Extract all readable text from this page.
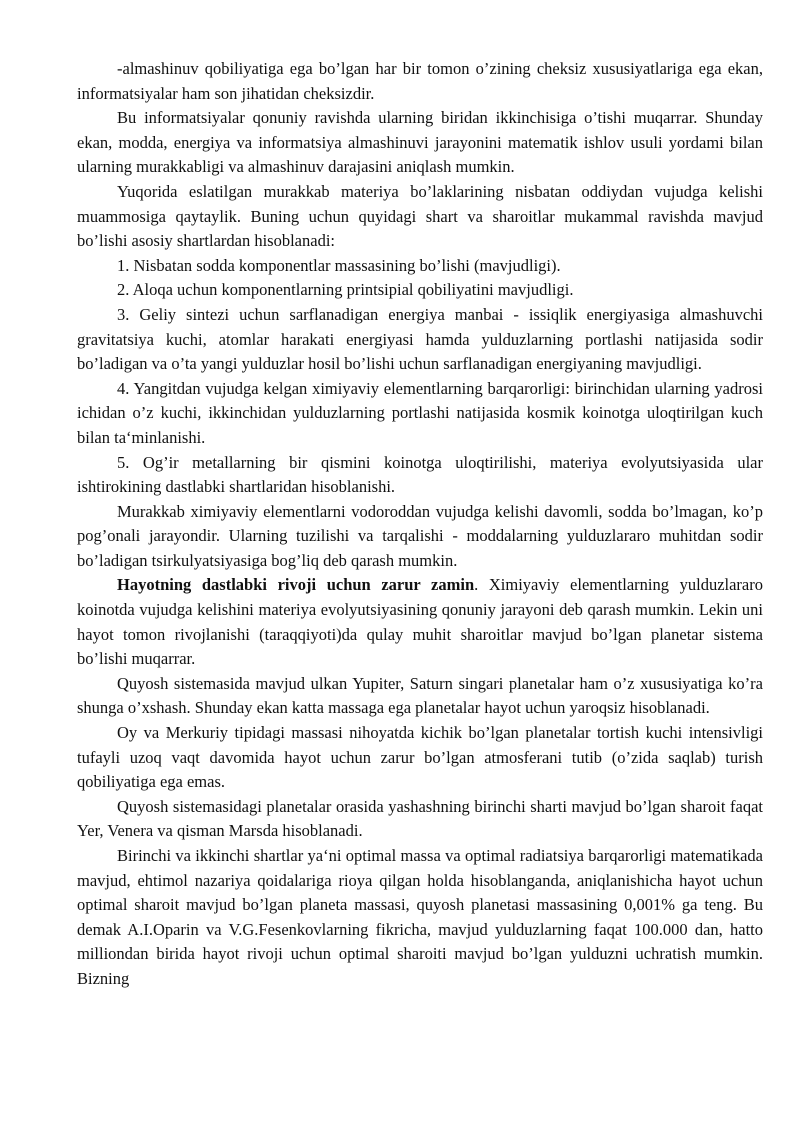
-almashinuv qobiliyatiga ega bo’lgan har bir tomon o’zining cheksiz xususiyatlariga ega ekan, informatsiyalar ham son jihatidan cheksizdir.

Bu informatsiyalar qonuniy ravishda ularning biridan ikkinchisiga o’tishi muqarrar. Shunday ekan, modda, energiya va informatsiya almashinuvi jarayonini matematik ishlov usuli yordami bilan ularning murakkabligi va almashinuv darajasini aniqlash mumkin.

Yuqorida eslatilgan murakkab materiya bo’laklarining nisbatan oddiydan vujudga kelishi muammosiga qaytaylik. Buning uchun quyidagi shart va sharoitlar mukammal ravishda mavjud bo’lishi asosiy shartlardan hisoblanadi:

1. Nisbatan sodda komponentlar massasining bo’lishi (mavjudligi).

2. Aloqa uchun komponentlarning printsipial qobiliyatini mavjudligi.

3. Geliy sintezi uchun sarflanadigan energiya manbai - issiqlik energiyasiga almashuvchi gravitatsiya kuchi, atomlar harakati energiyasi hamda yulduzlarning portlashi natijasida sodir bo’ladigan va o’ta yangi yulduzlar hosil bo’lishi uchun sarflanadigan energiyaning mavjudligi.

4. Yangitdan vujudga kelgan ximiyaviy elementlarning barqarorligi: birinchidan ularning yadrosi ichidan o’z kuchi, ikkinchidan yulduzlarning portlashi natijasida kosmik koinotga uloqtirilgan kuch bilan ta‘minlanishi.

5. Og’ir metallarning bir qismini koinotga uloqtirilishi, materiya evolyutsiyasida ular ishtirokining dastlabki shartlaridan hisoblanishi.

Murakkab ximiyaviy elementlarni vodoroddan vujudga kelishi davomli, sodda bo’lmagan, ko’p pog’onali jarayondir. Ularning tuzilishi va tarqalishi - moddalarning yulduzlararo muhitdan sodir bo’ladigan tsirkulyatsiyasiga bog’liq deb qarash mumkin.

Hayotning dastlabki rivoji uchun zarur zamin. Ximiyaviy elementlarning yulduzlararo koinotda vujudga kelishini materiya evolyutsiyasining qonuniy jarayoni deb qarash mumkin. Lekin uni hayot tomon rivojlanishi (taraqqiyoti)da qulay muhit sharoitlar mavjud bo’lgan planetar sistema bo’lishi muqarrar.

Quyosh sistemasida mavjud ulkan Yupiter, Saturn singari planetalar ham o’z xususiyatiga ko’ra shunga o’xshash. Shunday ekan katta massaga ega planetalar hayot uchun yaroqsiz hisoblanadi.

Oy va Merkuriy tipidagi massasi nihoyatda kichik bo’lgan planetalar tortish kuchi intensivligi tufayli uzoq vaqt davomida hayot uchun zarur bo’lgan atmosferani tutib (o’zida saqlab) turish qobiliyatiga ega emas.

Quyosh sistemasidagi planetalar orasida yashashning birinchi sharti mavjud bo’lgan sharoit faqat Yer, Venera va qisman Marsda hisoblanadi.

Birinchi va ikkinchi shartlar ya‘ni optimal massa va optimal radiatsiya barqarorligi matematikada mavjud, ehtimol nazariya qoidalariga rioya qilgan holda hisoblanganda, aniqlanishicha hayot uchun optimal sharoit mavjud bo’lgan planeta massasi, quyosh planetasi massasining 0,001% ga teng. Bu demak A.I.Oparin va V.G.Fesenkovlarning fikricha, mavjud yulduzlarning faqat 100.000 dan, hatto milliondan birida hayot rivoji uchun optimal sharoiti mavjud bo’lgan yulduzni uchratish mumkin. Bizning
